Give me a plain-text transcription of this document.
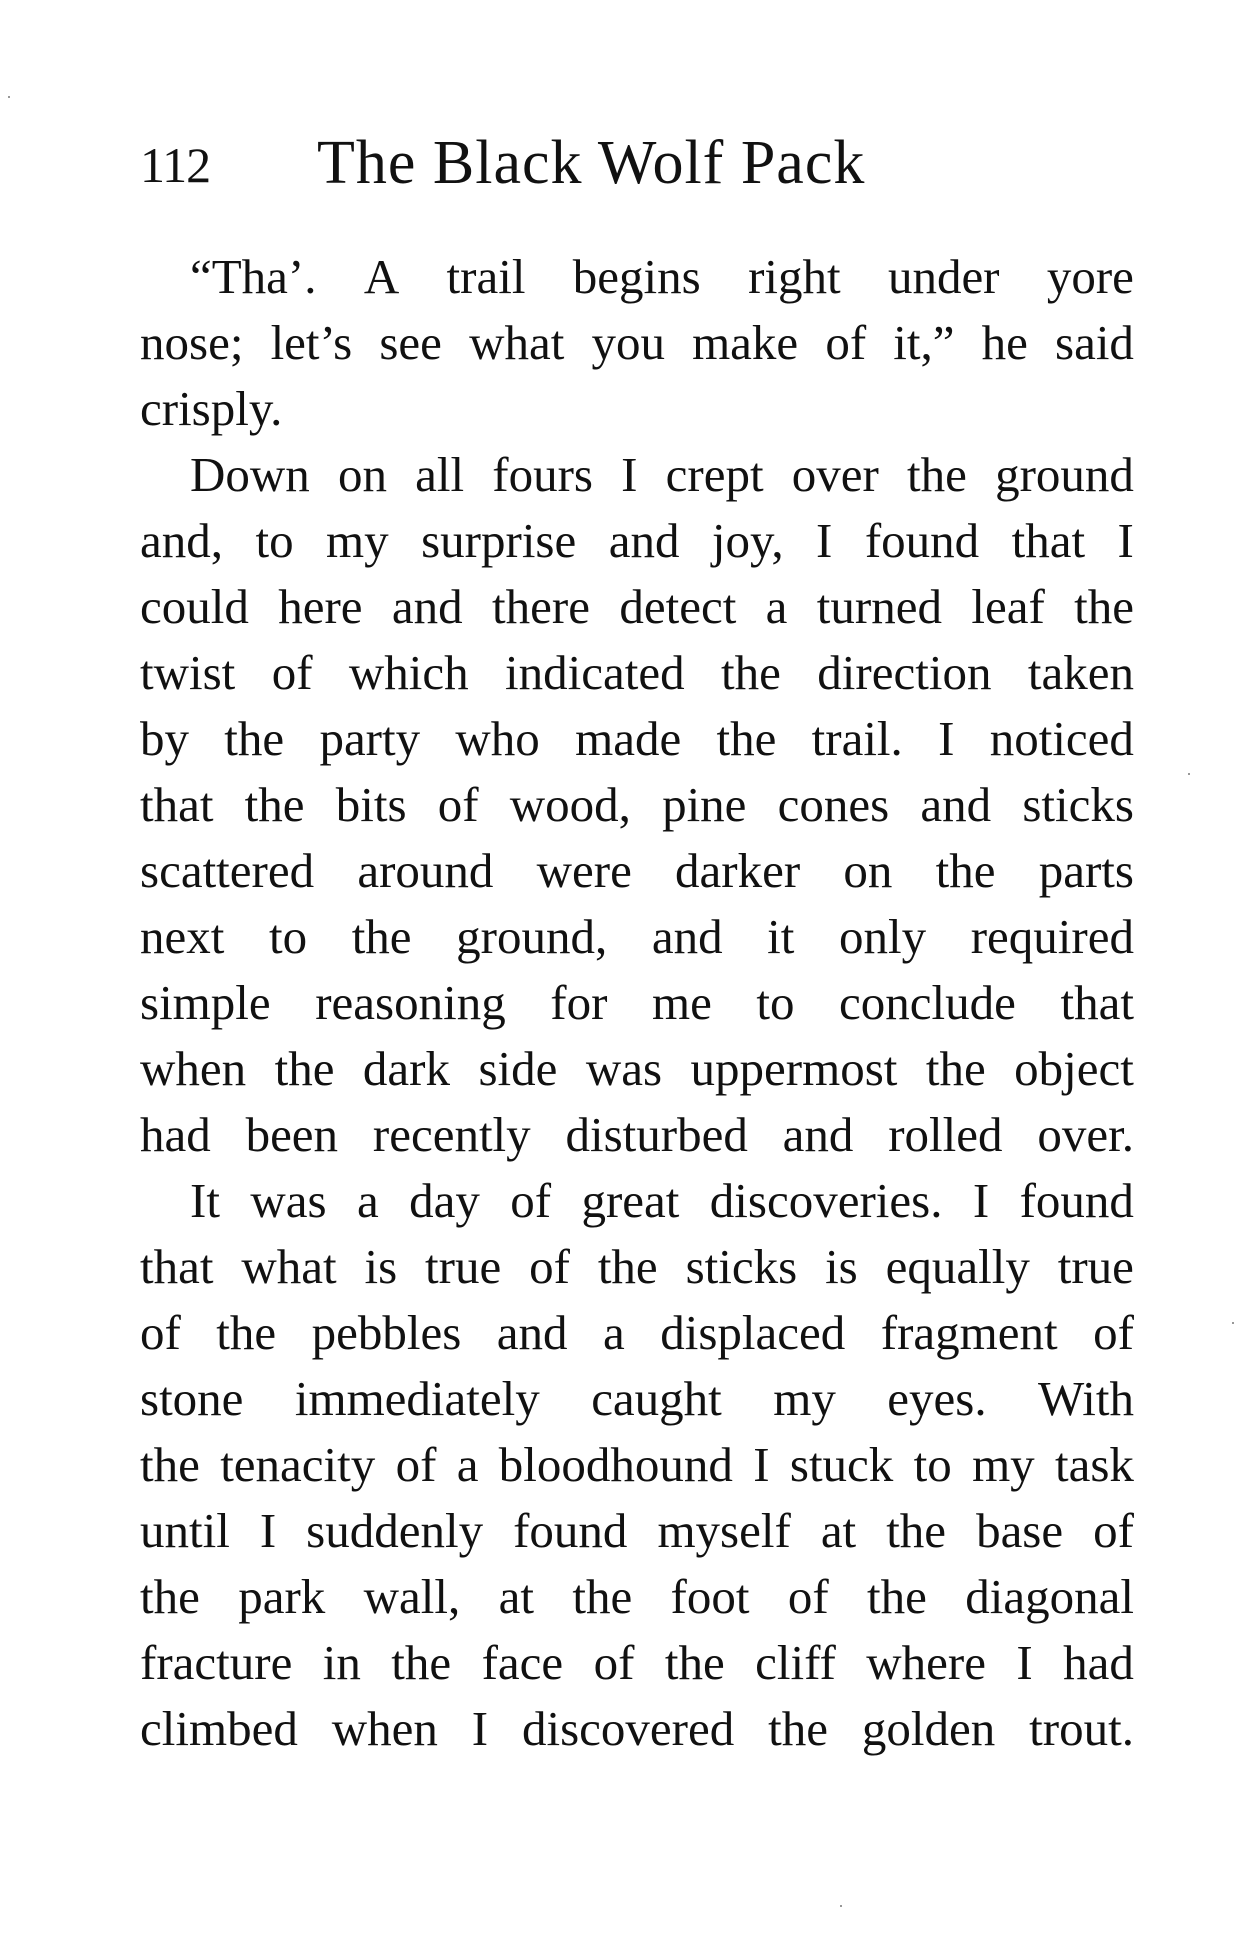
112 The Black Wolf Pack
“Tha’. A trail begins right under yore
nose; let’s see what you make of it,” he said
crisply.
Down on all fours I crept over the ground
and, to my surprise and joy, I found that I
could here and there detect a turned leaf the
twist of which indicated the direction taken
by the party who made the trail. I noticed
that the bits of wood, pine cones and sticks
scattered around were darker on the parts
next to the ground, and it only required
simple reasoning for me to conclude that
when the dark side was uppermost the object
had been recently disturbed and rolled over.
It was a day of great discoveries. I found
that what is true of the sticks is equally true
of the pebbles and a displaced fragment of
stone immediately caught my eyes. With
the tenacity of a bloodhound I stuck to my task
until I suddenly found myself at the base of
the park wall, at the foot of the diagonal
fracture in the face of the cliff where I had
climbed when I discovered the golden trout.
